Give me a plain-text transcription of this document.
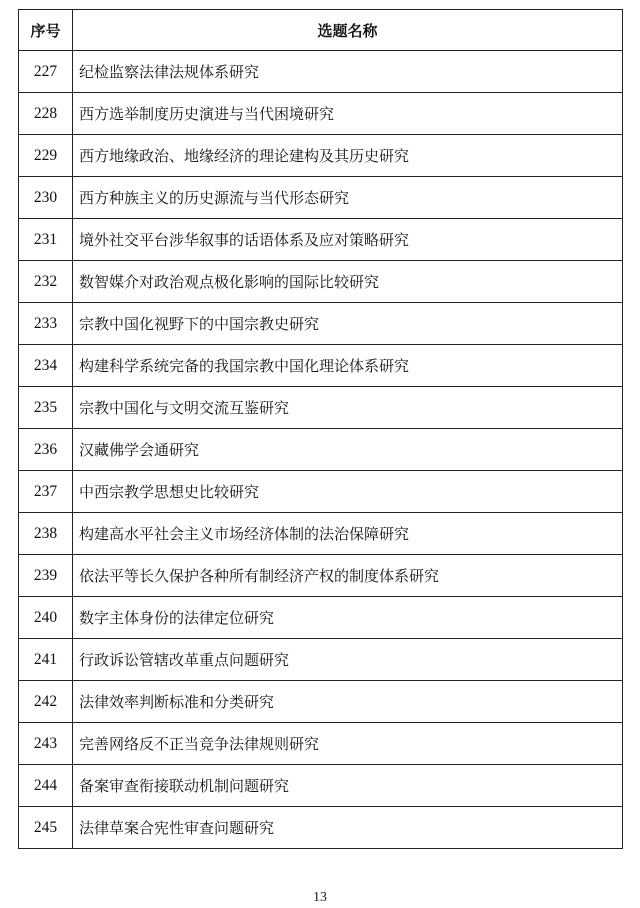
序号	选题名称
227	纪检监察法律法规体系研究
228	西方选举制度历史演进与当代困境研究
229	西方地缘政治、地缘经济的理论建构及其历史研究
230	西方种族主义的历史源流与当代形态研究
231	境外社交平台涉华叙事的话语体系及应对策略研究
232	数智媒介对政治观点极化影响的国际比较研究
233	宗教中国化视野下的中国宗教史研究
234	构建科学系统完备的我国宗教中国化理论体系研究
235	宗教中国化与文明交流互鉴研究
236	汉藏佛学会通研究
237	中西宗教学思想史比较研究
238	构建高水平社会主义市场经济体制的法治保障研究
239	依法平等长久保护各种所有制经济产权的制度体系研究
240	数字主体身份的法律定位研究
241	行政诉讼管辖改革重点问题研究
242	法律效率判断标准和分类研究
243	完善网络反不正当竞争法律规则研究
244	备案审查衔接联动机制问题研究
245	法律草案合宪性审查问题研究
13
